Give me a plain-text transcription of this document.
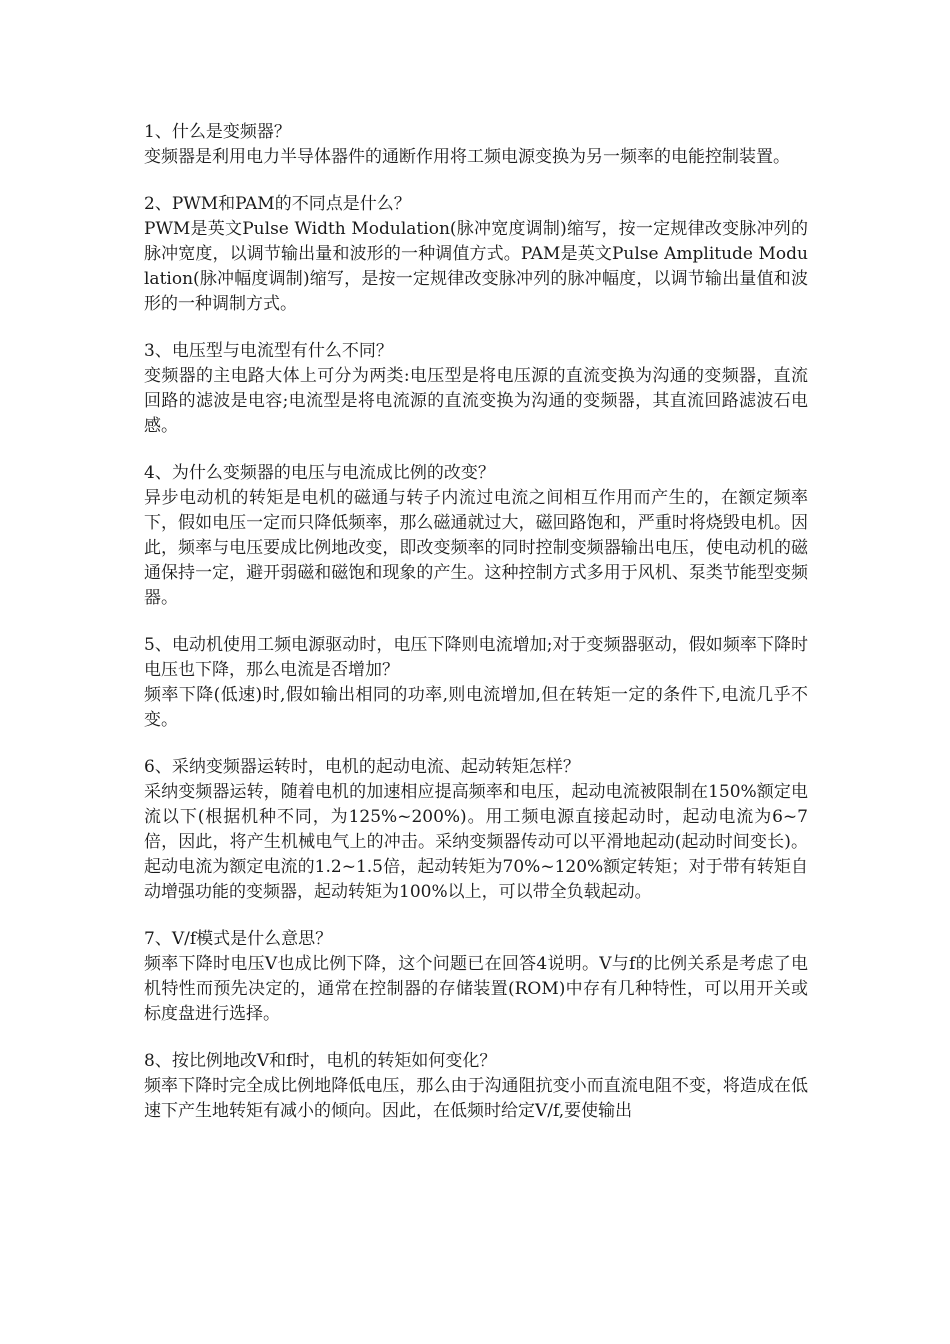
1、什么是变频器？

变频器是利用电力半导体器件的通断作用将工频电源变换为另一频率的电能控制装置。

2、PWM和PAM的不同点是什么？

PWM是英文Pulse Width Modulation(脉冲宽度调制)缩写，按一定规律改变脉冲列的脉冲宽度，以调节输出量和波形的一种调值方式。PAM是英文Pulse Amplitude Modulation(脉冲幅度调制)缩写，是按一定规律改变脉冲列的脉冲幅度，以调节输出量值和波形的一种调制方式。

3、电压型与电流型有什么不同？

变频器的主电路大体上可分为两类:电压型是将电压源的直流变换为沟通的变频器，直流回路的滤波是电容;电流型是将电流源的直流变换为沟通的变频器，其直流回路滤波石电感。

4、为什么变频器的电压与电流成比例的改变？

异步电动机的转矩是电机的磁通与转子内流过电流之间相互作用而产生的，在额定频率下，假如电压一定而只降低频率，那么磁通就过大，磁回路饱和，严重时将烧毁电机。因此，频率与电压要成比例地改变，即改变频率的同时控制变频器输出电压，使电动机的磁通保持一定，避开弱磁和磁饱和现象的产生。这种控制方式多用于风机、泵类节能型变频器。

5、电动机使用工频电源驱动时，电压下降则电流增加;对于变频器驱动，假如频率下降时电压也下降，那么电流是否增加？

频率下降(低速)时,假如输出相同的功率,则电流增加,但在转矩一定的条件下,电流几乎不变。

6、采纳变频器运转时，电机的起动电流、起动转矩怎样？

采纳变频器运转，随着电机的加速相应提高频率和电压，起动电流被限制在150%额定电流以下(根据机种不同，为125%~200%)。用工频电源直接起动时，起动电流为6~7倍，因此，将产生机械电气上的冲击。采纳变频器传动可以平滑地起动(起动时间变长)。起动电流为额定电流的1.2~1.5倍，起动转矩为70%~120%额定转矩；对于带有转矩自动增强功能的变频器，起动转矩为100%以上，可以带全负载起动。

7、V/f模式是什么意思？

频率下降时电压V也成比例下降，这个问题已在回答4说明。V与f的比例关系是考虑了电机特性而预先决定的，通常在控制器的存储装置(ROM)中存有几种特性，可以用开关或标度盘进行选择。

8、按比例地改V和f时，电机的转矩如何变化？

频率下降时完全成比例地降低电压，那么由于沟通阻抗变小而直流电阻不变，将造成在低速下产生地转矩有减小的倾向。因此，在低频时给定V/f,要使输出
